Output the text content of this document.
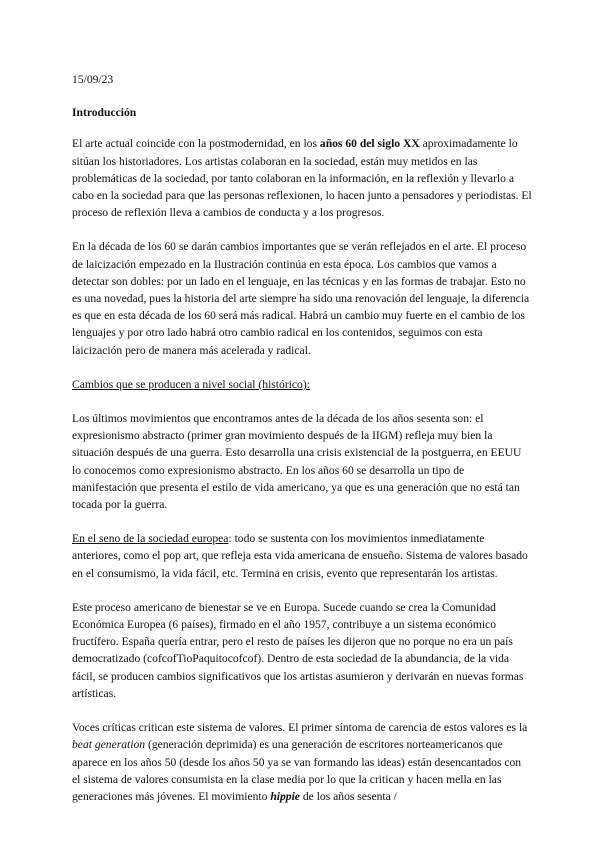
15/09/23

Introducción

El arte actual coincide con la postmodernidad, en los años 60 del siglo XX aproximadamente lo sitúan los historiadores. Los artistas colaboran en la sociedad, están muy metidos en las problemáticas de la sociedad, por tanto colaboran en la información, en la reflexión y llevarlo a cabo en la sociedad para que las personas reflexionen, lo hacen junto a pensadores y periodistas. El proceso de reflexión lleva a cambios de conducta y a los progresos.

En la década de los 60 se darán cambios importantes que se verán reflejados en el arte. El proceso de laicización empezado en la Ilustración continúa en esta época. Los cambios que vamos a detectar son dobles: por un lado en el lenguaje, en las técnicas y en las formas de trabajar. Esto no es una novedad, pues la historia del arte siempre ha sido una renovación del lenguaje, la diferencia es que en esta década de los 60 será más radical. Habrá un cambio muy fuerte en el cambio de los lenguajes y por otro lado habrá otro cambio radical en los contenidos, seguimos con esta laicización pero de manera más acelerada y radical.

Cambios que se producen a nivel social (histórico):

Los últimos movimientos que encontramos antes de la década de los años sesenta son: el expresionismo abstracto (primer gran movimiento después de la IIGM) refleja muy bien la situación después de una guerra. Esto desarrolla una crisis existencial de la postguerra, en EEUU lo conocemos como expresionismo abstracto. En los años 60 se desarrolla un tipo de manifestación que presenta el estilo de vida americano, ya que es una generación que no está tan tocada por la guerra.

En el seno de la sociedad europea: todo se sustenta con los movimientos inmediatamente anteriores, como el pop art, que refleja esta vida americana de ensueño. Sistema de valores basado en el consumismo, la vida fácil, etc. Termina en crisis, evento que representarán los artistas.

Este proceso americano de bienestar se ve en Europa. Sucede cuando se crea la Comunidad Económica Europea (6 países), firmado en el año 1957, contribuye a un sistema económico fructífero. España quería entrar, pero el resto de países les dijeron que no porque no era un país democratizado (cofcofTioPaquitocofcof). Dentro de esta sociedad de la abundancia, de la vida fácil, se producen cambios significativos que los artistas asumieron y derivarán en nuevas formas artísticas.

Voces críticas critican este sistema de valores. El primer síntoma de carencia de estos valores es la beat generation (generación deprimida) es una generación de escritores norteamericanos que aparece en los años 50 (desde los años 50 ya se van formando las ideas) están desencantados con el sistema de valores consumista en la clase media por lo que la critican y hacen mella en las generaciones más jóvenes. El movimiento hippie de los años sesenta /
